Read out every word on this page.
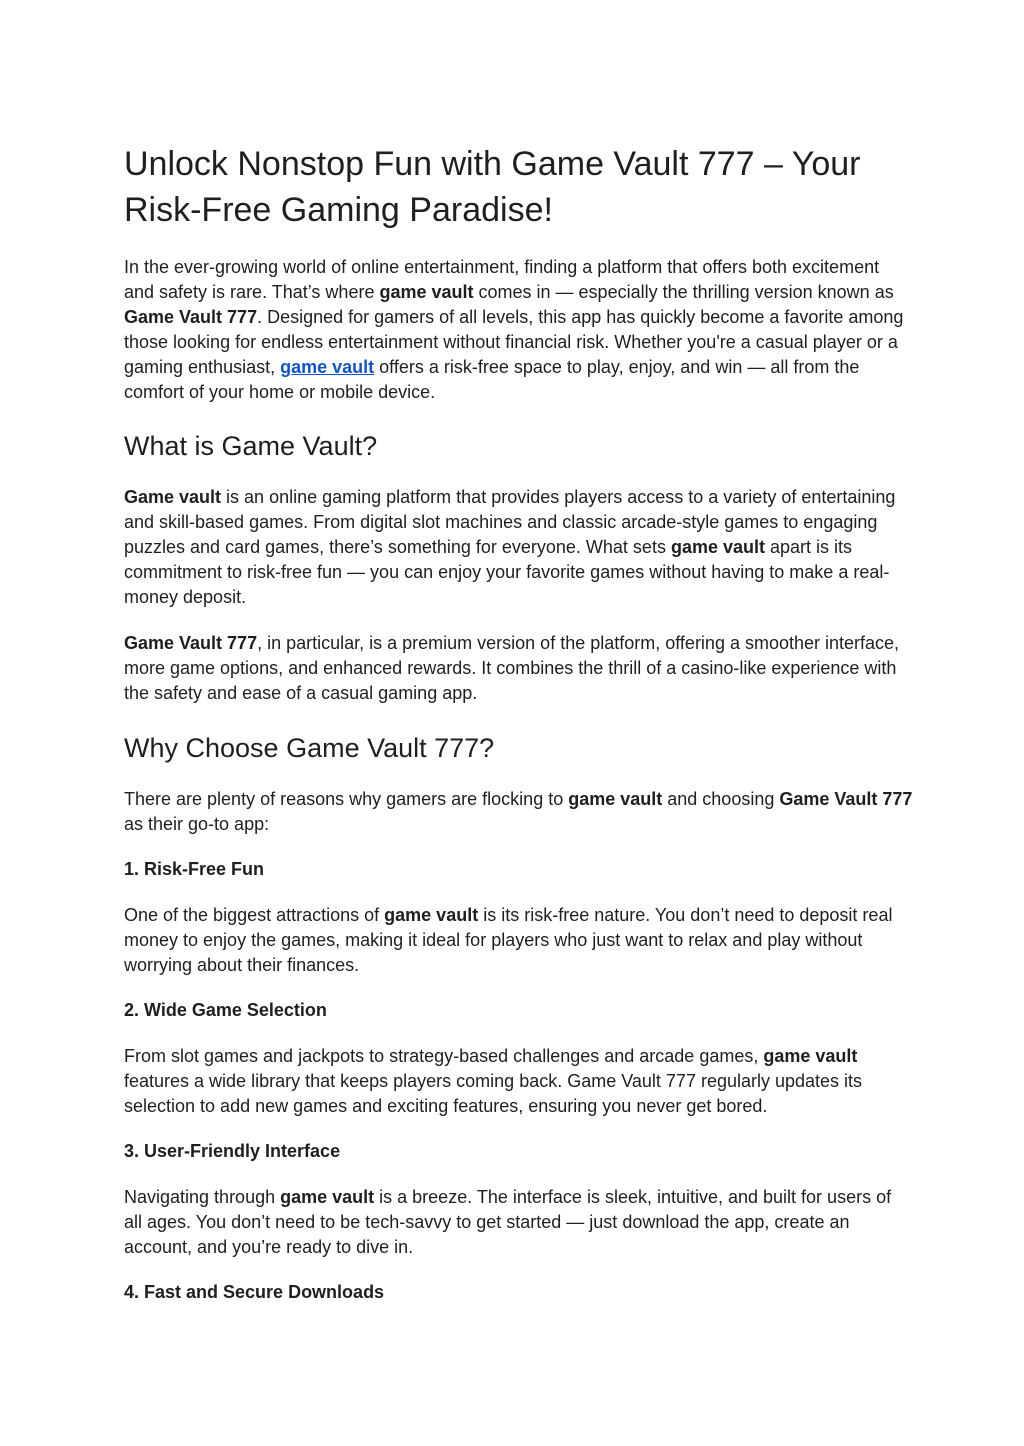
Unlock Nonstop Fun with Game Vault 777 – Your Risk-Free Gaming Paradise!

In the ever-growing world of online entertainment, finding a platform that offers both excitement and safety is rare. That’s where game vault comes in — especially the thrilling version known as Game Vault 777. Designed for gamers of all levels, this app has quickly become a favorite among those looking for endless entertainment without financial risk. Whether you're a casual player or a gaming enthusiast, game vault offers a risk-free space to play, enjoy, and win — all from the comfort of your home or mobile device.

What is Game Vault?

Game vault is an online gaming platform that provides players access to a variety of entertaining and skill-based games. From digital slot machines and classic arcade-style games to engaging puzzles and card games, there’s something for everyone. What sets game vault apart is its commitment to risk-free fun — you can enjoy your favorite games without having to make a real-money deposit.

Game Vault 777, in particular, is a premium version of the platform, offering a smoother interface, more game options, and enhanced rewards. It combines the thrill of a casino-like experience with the safety and ease of a casual gaming app.

Why Choose Game Vault 777?

There are plenty of reasons why gamers are flocking to game vault and choosing Game Vault 777 as their go-to app:

1. Risk-Free Fun

One of the biggest attractions of game vault is its risk-free nature. You don’t need to deposit real money to enjoy the games, making it ideal for players who just want to relax and play without worrying about their finances.

2. Wide Game Selection

From slot games and jackpots to strategy-based challenges and arcade games, game vault features a wide library that keeps players coming back. Game Vault 777 regularly updates its selection to add new games and exciting features, ensuring you never get bored.

3. User-Friendly Interface

Navigating through game vault is a breeze. The interface is sleek, intuitive, and built for users of all ages. You don’t need to be tech-savvy to get started — just download the app, create an account, and you’re ready to dive in.

4. Fast and Secure Downloads
